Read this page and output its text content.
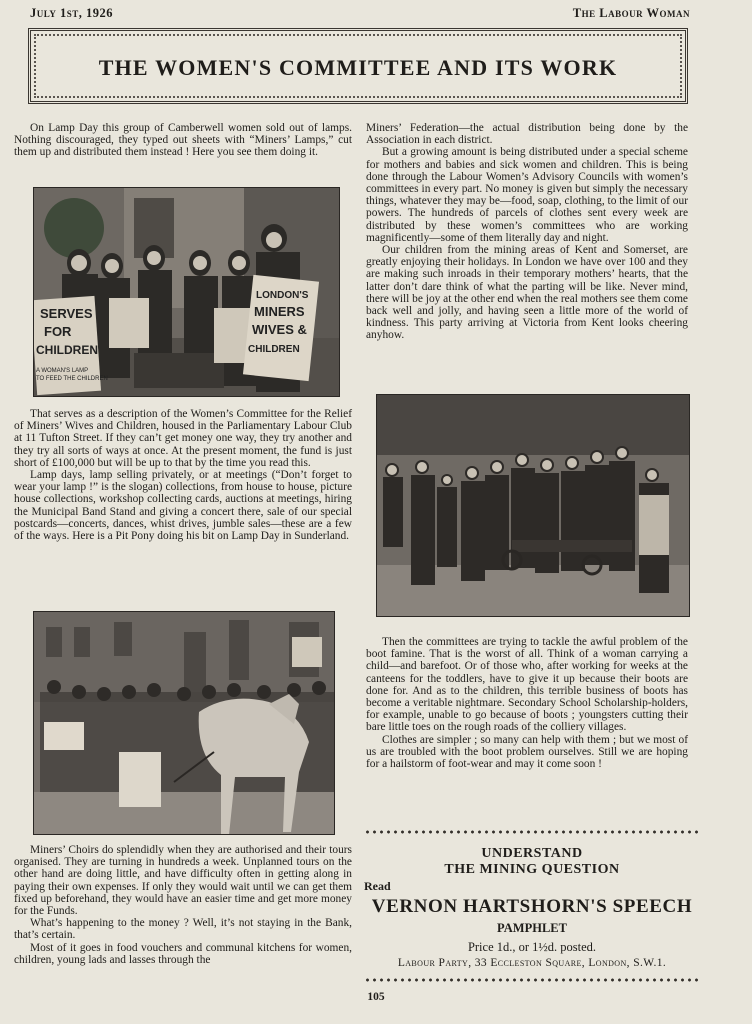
July 1st, 1926	The Labour Woman
THE WOMEN'S COMMITTEE AND ITS WORK

On Lamp Day this group of Camberwell women sold out of lamps. Nothing discouraged, they typed out sheets with “Miners’ Lamps,” cut them up and distributed them instead ! Here you see them doing it.

SERVES
FOR
CHILDREN
A WOMAN'S LAMP
TO FEED THE CHILDREN
LONDON'S
MINERS
WIVES &
CHILDREN

That serves as a description of the Women’s Committee for the Relief of Miners’ Wives and Children, housed in the Parliamentary Labour Club at 11 Tufton Street. If they can’t get money one way, they try another and they try all sorts of ways at once. At the present moment, the fund is just short of £100,000 but will be up to that by the time you read this.

Lamp days, lamp selling privately, or at meetings (“Don’t forget to wear your lamp !” is the slogan) collections, from house to house, picture house collections, workshop collecting cards, auctions at meetings, hiring the Municipal Band Stand and giving a concert there, sale of our special postcards—concerts, dances, whist drives, jumble sales—these are a few of the ways. Here is a Pit Pony doing his bit on Lamp Day in Sunderland.

Miners’ Choirs do splendidly when they are authorised and their tours organised. They are turning in hundreds a week. Unplanned tours on the other hand are doing little, and have difficulty often in getting along in paying their own expenses. If only they would wait until we can get them fixed up beforehand, they would have an easier time and get more money for the Funds.

What’s happening to the money ? Well, it’s not staying in the Bank, that’s certain.

Most of it goes in food vouchers and communal kitchens for women, children, young lads and lasses through the

Miners’ Federation—the actual distribution being done by the Association in each district.

But a growing amount is being distributed under a special scheme for mothers and babies and sick women and children. This is being done through the Labour Women’s Advisory Councils with women’s committees in every part. No money is given but simply the necessary things, whatever they may be—food, soap, clothing, to the limit of our powers. The hundreds of parcels of clothes sent every week are distributed by these women’s committees who are working magnificently—some of them literally day and night.

Our children from the mining areas of Kent and Somerset, are greatly enjoying their holidays. In London we have over 100 and they are making such inroads in their temporary mothers’ hearts, that the latter don’t dare think of what the parting will be like. Never mind, there will be joy at the other end when the real mothers see them come back well and jolly, and having seen a little more of the world of kindness. This party arriving at Victoria from Kent looks cheering anyhow.

Then the committees are trying to tackle the awful problem of the boot famine. That is the worst of all. Think of a woman carrying a child—and barefoot. Or of those who, after working for weeks at the canteens for the toddlers, have to give it up because their boots are done for. And as to the children, this terrible business of boots has become a veritable nightmare. Secondary School Scholarship-holders, for example, unable to go because of boots ; youngsters cutting their bare little toes on the rough roads of the colliery villages.

Clothes are simpler ; so many can help with them ; but we most of us are troubled with the boot problem ourselves. Still we are hoping for a hailstorm of foot-wear and may it come soon !

UNDERSTAND
THE MINING QUESTION
Read
VERNON HARTSHORN'S SPEECH
PAMPHLET
Price 1d., or 1½d. posted.
Labour Party, 33 Eccleston Square, London, S.W.1.
105
